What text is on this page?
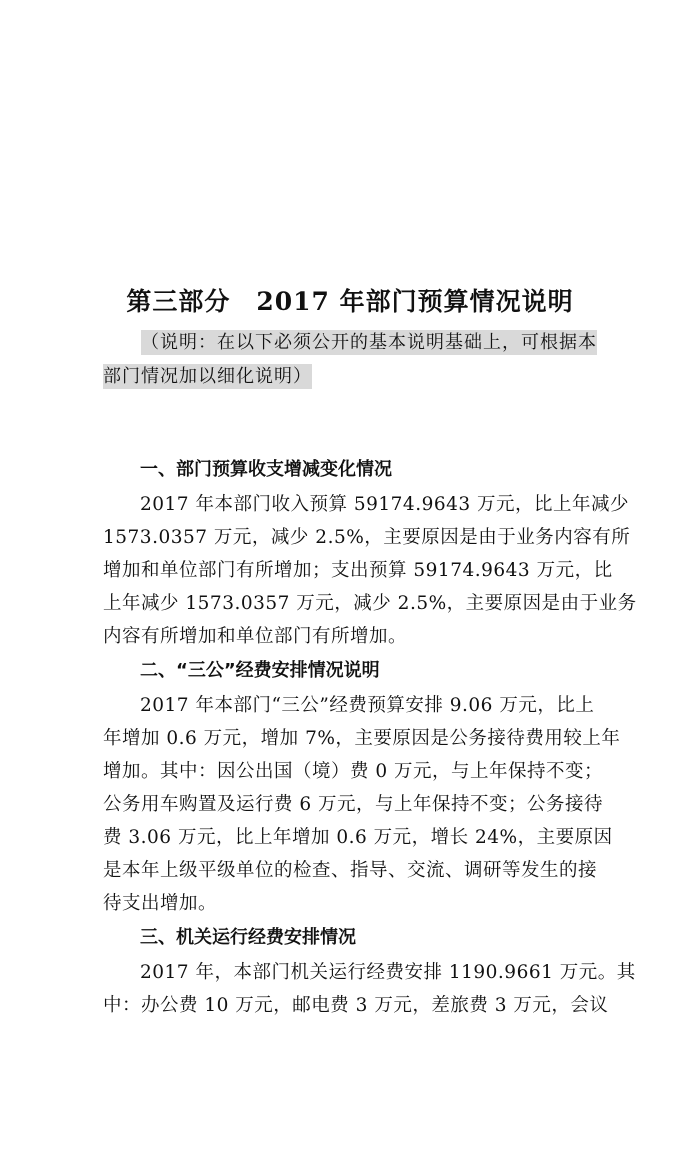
第三部分　2017 年部门预算情况说明
（说明：在以下必须公开的基本说明基础上，可根据本
部门情况加以细化说明）
一、部门预算收支增减变化情况
2017 年本部门收入预算 59174.9643 万元，比上年减少
1573.0357 万元，减少 2.5%，主要原因是由于业务内容有所
增加和单位部门有所增加；支出预算 59174.9643 万元，比
上年减少 1573.0357 万元，减少 2.5%，主要原因是由于业务
内容有所增加和单位部门有所增加。
二、“三公”经费安排情况说明
2017 年本部门“三公”经费预算安排 9.06 万元，比上
年增加 0.6 万元，增加 7%，主要原因是公务接待费用较上年
增加。其中：因公出国（境）费 0 万元，与上年保持不变；
公务用车购置及运行费 6 万元，与上年保持不变；公务接待
费 3.06 万元，比上年增加 0.6 万元，增长 24%，主要原因
是本年上级平级单位的检查、指导、交流、调研等发生的接
待支出增加。
三、机关运行经费安排情况
2017 年，本部门机关运行经费安排 1190.9661 万元。其
中：办公费 10 万元，邮电费 3 万元，差旅费 3 万元，会议
